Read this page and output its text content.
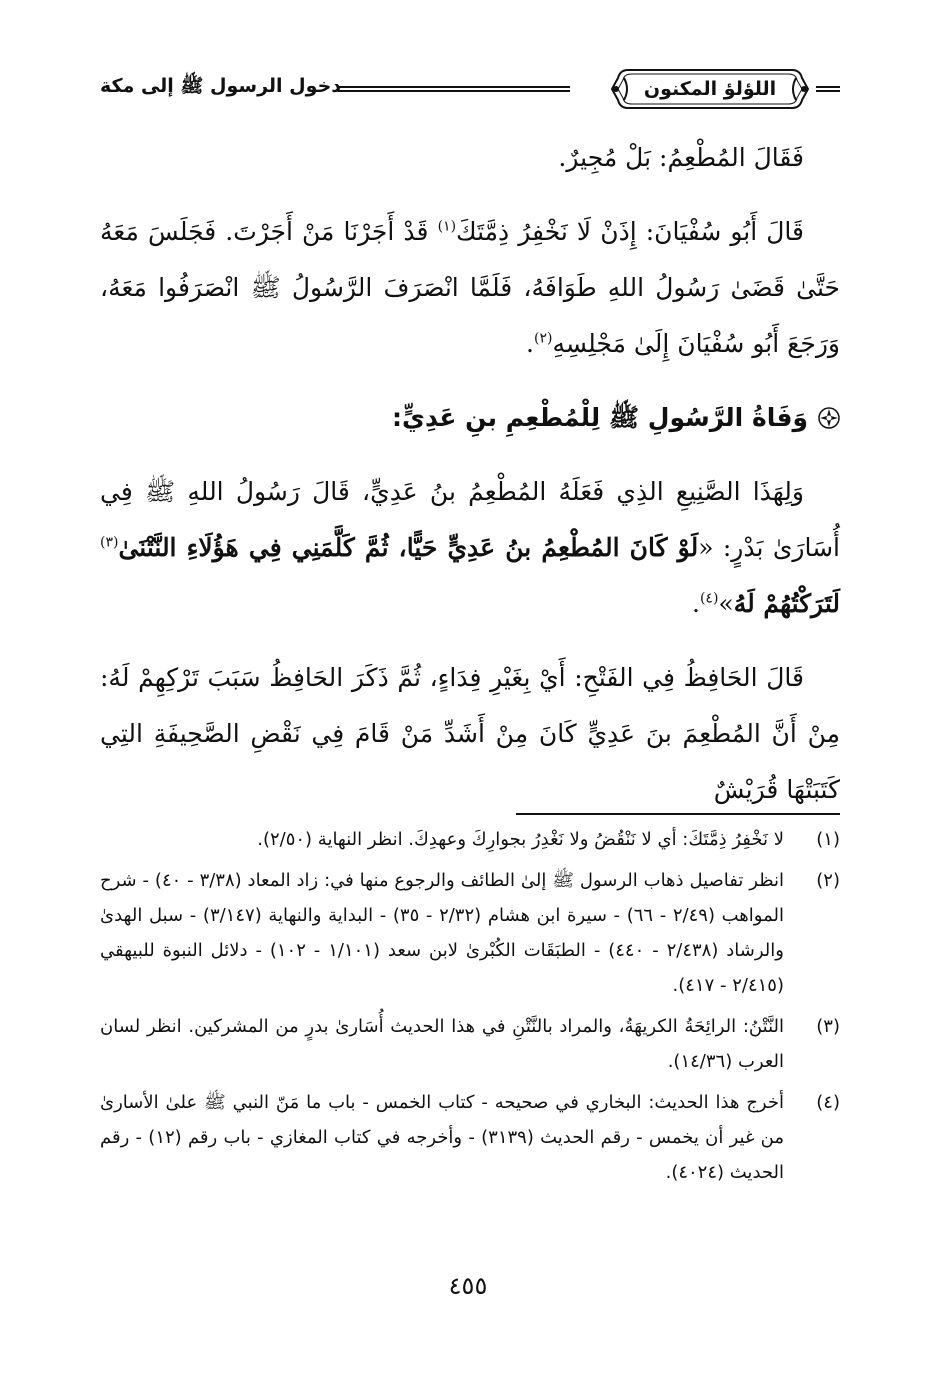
اللؤلؤ المكنون
دخول الرسول ﷺ إلى مكة

فَقَالَ المُطْعِمُ: بَلْ مُجِيرٌ.

قَالَ أَبُو سُفْيَانَ: إِذَنْ لَا نَخْفِرُ ذِمَّتَكَ$^{(١)}$ قَدْ أَجَرْنَا مَنْ أَجَرْتَ. فَجَلَسَ مَعَهُ حَتَّىٰ قَضَىٰ رَسُولُ اللهِ طَوَافَهُ، فَلَمَّا انْصَرَفَ الرَّسُولُ ﷺ انْصَرَفُوا مَعَهُ، وَرَجَعَ أَبُو سُفْيَانَ إِلَىٰ مَجْلِسِهِ$^{(٢)}$.

وَفَاةُ الرَّسُولِ ﷺ لِلْمُطْعِمِ بنِ عَدِيٍّ:

وَلِهَذَا الصَّنِيعِ الذِي فَعَلَهُ المُطْعِمُ بنُ عَدِيٍّ، قَالَ رَسُولُ اللهِ ﷺ فِي أُسَارَىٰ بَدْرٍ: «لَوْ كَانَ المُطْعِمُ بنُ عَدِيٍّ حَيًّا، ثُمَّ كَلَّمَنِي فِي هَؤُلَاءِ النَّتْنَىٰ$^{(٣)}$ لَتَرَكْتُهُمْ لَهُ»$^{(٤)}$.

قَالَ الحَافِظُ فِي الفَتْحِ: أَيْ بِغَيْرِ فِدَاءٍ، ثُمَّ ذَكَرَ الحَافِظُ سَبَبَ تَرْكِهِمْ لَهُ: مِنْ أَنَّ المُطْعِمَ بنَ عَدِيٍّ كَانَ مِنْ أَشَدِّ مَنْ قَامَ فِي نَقْضِ الصَّحِيفَةِ التِي كَتَبَتْهَا قُرَيْشٌ

(١)
لا نَخْفِرُ ذِمَّتَكَ: أي لا نَنْقُضُ ولا نَغْدِرُ بجوارِكَ وعهدِكَ. انظر النهاية (٢/٥٠).
(٢)
انظر تفاصيل ذهاب الرسول ﷺ إلىٰ الطائف والرجوع منها في: زاد المعاد (٣/٣٨ - ٤٠) - شرح المواهب (٢/٤٩ - ٦٦) - سيرة ابن هشام (٢/٣٢ - ٣٥) - البداية والنهاية (٣/١٤٧) - سبل الهدىٰ والرشاد (٢/٤٣٨ - ٤٤٠) - الطبَقَات الكُبْرىٰ لابن سعد (١/١٠١ - ١٠٢) - دلائل النبوة للبيهقي (٢/٤١٥ - ٤١٧).
(٣)
النَّتْنُ: الرائِحَةُ الكريهَةُ، والمراد بالنَّتْنِ في هذا الحديث أُسَارىٰ بدرٍ من المشركين. انظر لسان العرب (١٤/٣٦).
(٤)
أخرج هذا الحديث: البخاري في صحيحه - كتاب الخمس - باب ما مَنّ النبي ﷺ علىٰ الأسارىٰ من غير أن يخمس - رقم الحديث (٣١٣٩) - وأخرجه في كتاب المغازي - باب رقم (١٢) - رقم الحديث (٤٠٢٤).
٤٥٥
